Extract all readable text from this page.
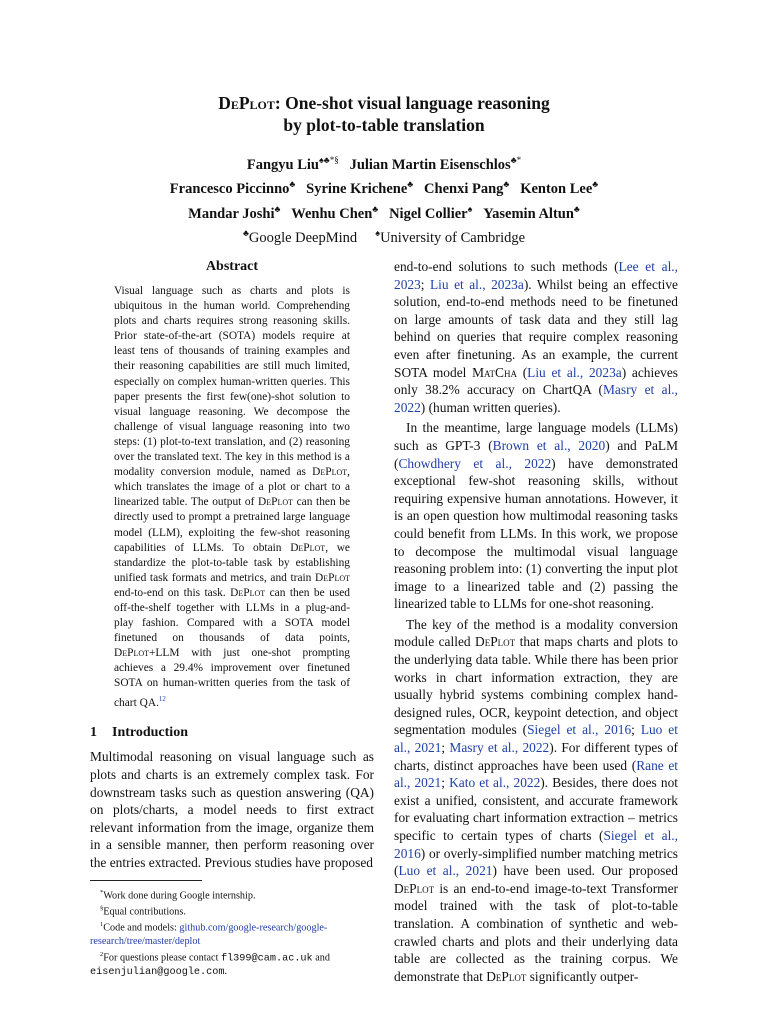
DePlot: One-shot visual language reasoning
by plot-to-table translation
Fangyu Liu♠♣*§ Julian Martin Eisenschlos♣*
Francesco Piccinno♣ Syrine Krichene♣ Chenxi Pang♣ Kenton Lee♣
Mandar Joshi♣ Wenhu Chen♣ Nigel Collier♠ Yasemin Altun♣
♣Google DeepMind ♠University of Cambridge
Abstract
Visual language such as charts and plots is ubiquitous in the human world. Comprehending plots and charts requires strong reasoning skills. Prior state-of-the-art (SOTA) models require at least tens of thousands of training examples and their reasoning capabilities are still much limited, especially on complex human-written queries. This paper presents the first few(one)-shot solution to visual language reasoning. We decompose the challenge of visual language reasoning into two steps: (1) plot-to-text translation, and (2) reasoning over the translated text. The key in this method is a modality conversion module, named as DePlot, which translates the image of a plot or chart to a linearized table. The output of DePlot can then be directly used to prompt a pretrained large language model (LLM), exploiting the few-shot reasoning capabilities of LLMs. To obtain DePlot, we standardize the plot-to-table task by establishing unified task formats and metrics, and train DePlot end-to-end on this task. DePlot can then be used off-the-shelf together with LLMs in a plug-and-play fashion. Compared with a SOTA model finetuned on thousands of data points, DePlot+LLM with just one-shot prompting achieves a 29.4% improvement over finetuned SOTA on human-written queries from the task of chart QA.$^{12}$
1 Introduction

Multimodal reasoning on visual language such as plots and charts is an extremely complex task. For downstream tasks such as question answering (QA) on plots/charts, a model needs to first extract relevant information from the image, organize them in a sensible manner, then perform reasoning over the entries extracted. Previous studies have proposed

*Work done during Google internship.
§Equal contributions.
$^1$Code and models: github.com/google-research/google-research/tree/master/deplot
$^2$For questions please contact fl399@cam.ac.uk and eisenjulian@google.com.

end-to-end solutions to such methods (Lee et al., 2023; Liu et al., 2023a). Whilst being an effective solution, end-to-end methods need to be finetuned on large amounts of task data and they still lag behind on queries that require complex reasoning even after finetuning. As an example, the current SOTA model MatCha (Liu et al., 2023a) achieves only 38.2% accuracy on ChartQA (Masry et al., 2022) (human written queries).

In the meantime, large language models (LLMs) such as GPT-3 (Brown et al., 2020) and PaLM (Chowdhery et al., 2022) have demonstrated exceptional few-shot reasoning skills, without requiring expensive human annotations. However, it is an open question how multimodal reasoning tasks could benefit from LLMs. In this work, we propose to decompose the multimodal visual language reasoning problem into: (1) converting the input plot image to a linearized table and (2) passing the linearized table to LLMs for one-shot reasoning.

The key of the method is a modality conversion module called DePlot that maps charts and plots to the underlying data table. While there has been prior works in chart information extraction, they are usually hybrid systems combining complex hand-designed rules, OCR, keypoint detection, and object segmentation modules (Siegel et al., 2016; Luo et al., 2021; Masry et al., 2022). For different types of charts, distinct approaches have been used (Rane et al., 2021; Kato et al., 2022). Besides, there does not exist a unified, consistent, and accurate framework for evaluating chart information extraction – metrics specific to certain types of charts (Siegel et al., 2016) or overly-simplified number matching metrics (Luo et al., 2021) have been used. Our proposed DePlot is an end-to-end image-to-text Transformer model trained with the task of plot-to-table translation. A combination of synthetic and web-crawled charts and plots and their underlying data table are collected as the training corpus. We demonstrate that DePlot significantly outper-
